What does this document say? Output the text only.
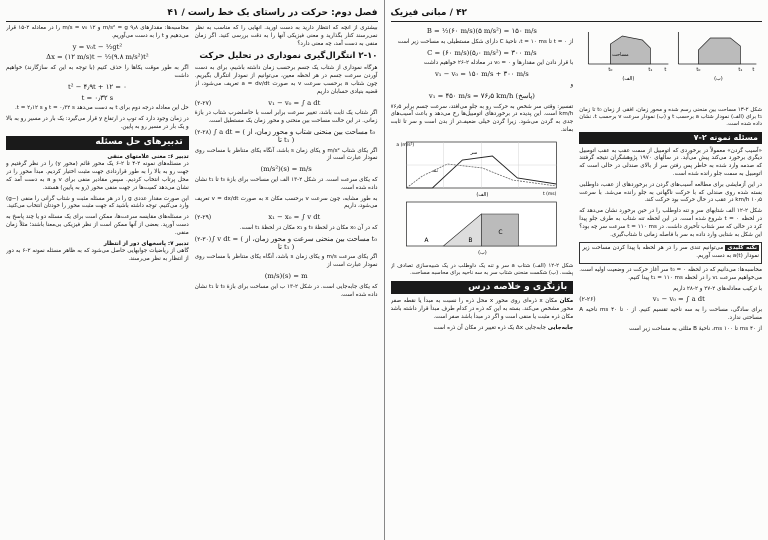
فصل دوم: حرکت در راستای یک خط راست / ۴۱

بیشتری از آنچه که انتظار دارید به دست آورید. آنهایی را که مناسب به نظر نمی‌رسند کنار بگذارید و معنی فیزیکی آنها را به دقت بررسی کنید. اگر زمان منفی به دست آمد، چه معنی دارد؟

۲-۱۰ انتگرال‌گیری نموداری در تحلیل حرکت

هرگاه نموداری از شتاب یک جسم برحسب زمان داشته باشیم، برای به دست آوردن سرعت جسم در هر لحظه معین، می‌توانیم از نمودار انتگرال بگیریم. چون شتاب a برحسب سرعت v به صورت a = dv/dt تعریف می‌شود، از قضیه بنیادی حسابان داریم

(۲-۲۷)	v₁ − v₀ = ∫ a dt

اگر شتاب یک ثابت باشد، تغییر سرعت برابر است با حاصلضرب شتاب در بازهٔ زمانی. در این حالت مساحت بین منحنی و محور زمان یک مستطیل است.

(۲-۲۸) ∫ a dt = ( مساحت بین منحنی شتاب و محور زمان، از t₀ تا t₁ )

اگر یکای شتاب m/s² و یکای زمان s باشد، آنگاه یکای متناظر با مساحت روی نمودار عبارت است از

(m/s²)(s) = m/s

که یکای سرعت است. در شکل ۲-۱۳ الف این مساحت برای بازهٔ t₀ تا t₁ نشان داده شده است.

به طور مشابه، چون سرعت v برحسب مکان x به صورت v = dx/dt تعریف می‌شود، داریم

(۲-۲۹)	x₁ − x₀ = ∫ v dt

که در آن x₀ مکان در لحظهٔ t₀ و x₁ مکان در لحظهٔ t₁ است.

(۲-۳۰) ∫ v dt = ( مساحت بین منحنی سرعت و محور زمان، از t₀ تا t₁ )

اگر یکای سرعت m/s و یکای زمان s باشد، آنگاه یکای متناظر با مساحت روی نمودار عبارت است از

(m/s)(s) = m

که یکای جابه‌جایی است. در شکل ۲-۱۳ ب این مساحت برای بازهٔ t₀ تا t₁ نشان داده شده است.

محاسبه‌ها: مقدارهای ۹٫۸ m/s² = g و ۱۲ m/s = v₀ را در معادله ۲-۱۵ قرار می‌دهیم و t را به دست می‌آوریم.

y = v₀t − ½gt²
Δx = (۱۲ m/s)t − ½(۹.۸ m/s²)t²

اگر به طور موقت یکاها را حذف کنیم (با توجه به این که سازگارند) خواهیم داشت

t² − ۴٫۹t + ۱۲ = ۰
t = ۰٫۳۲ s

حل این معادله درجه دوم برای t به دست می‌دهد t = ۰٫۳۲ s و t = ۲٫۱۲ s.

در زمان وجود دارد که توپ در ارتفاع y قرار می‌گیرد: یک بار در مسیر رو به بالا و یک بار در مسیر رو به پایین.

تدبیرهای حل مسئله
تدبیر ۶: معنی علامتهای منفی

در مسئله‌های نمونه ۲-۴ تا ۲-۶ یک محور قائم (محور y) را در نظر گرفتیم و جهت رو به بالا را به طور قراردادی جهت مثبت اختیار کردیم. مبدأ محور را در محل پرتاب انتخاب کردیم. سپس مقادیر منفی برای v و a به دست آمد که نشان می‌دهد کمیت‌ها در جهت منفی محور (رو به پایین) هستند.

این صورت مقدار عددی g را در هر مسئله مثبت و شتاب گرانی را منفی (−g) وارد می‌کنیم. توجه داشته باشید که جهت مثبت محور را خودتان انتخاب می‌کنید.

در مسئله‌های مقایسه سرعت‌ها، ممکن است برای یک مسئله دو یا چند پاسخ به دست آورید. بعضی از آنها ممکن است از نظر فیزیکی بی‌معنا باشند؛ مثلاً زمان منفی.

تدبیر ۷: پاسخهای دور از انتظار

گاهی از ریاضیات جوابهایی حاصل می‌شود که به ظاهر مسئله نمونه ۲-۶ به دور از انتظار به نظر می‌رسند.

۴۲ / مبانی فیزیک
مساحت
t₀	t₁ t
(الف)
t₀	t₁ t
(ب)

شکل ۲-۱۳ مساحت بین منحنی رسم شده و محور زمان، افقی از زمان t₀ تا زمان t₁ برای (الف) نمودار شتاب a برحسب t و (ب) نمودار سرعت v برحسب t، نشان داده شده است.

مسئله نمونه ۲-۷

«آسیب گردن» معمولاً در برخوردی که اتومبیل از سمت عقب به عقب اتومبیل دیگری برخورد می‌کند پیش می‌آید. در سالهای ۱۹۷۰ پژوهشگران نتیجه گرفتند که صدمه وارد شده به خاطر پس رفتن سر از بالای صندلی در حالی است که اتومبیل به سمت جلو رانده شده است.

در این آزمایشی برای مطالعه آسیب‌های گردن در برخوردهای از عقب، داوطلبی بسته شده روی صندلی که با حرکت ناگهانی به جلو رانده می‌شد. با سرعت ۱۰٫۵ km/h در عقب در حال حرکت بود حرکت کند.

شکل ۲-۱۲ الف شتابهای سر و تنه داوطلب را در حین برخورد نشان می‌دهد که در لحظه t = ۰ شروع شده است. در این لحظه تنه شتاب به طرف جلو پیدا کرد در حالی که سر شتاب تأخیری داشت. در t = ۱۱۰ ms سرعت سر چه بود؟ این شکل به شتابی وارد داده به سر با فاصله زمانی تا شتاب‌گیری.

نکته کلیدی می‌توانیم تندی سر را در هر لحظه با پیدا کردن مساحت زیر نمودار a(t) به دست آوریم.

محاسبه‌ها: می‌دانیم که در لحظه t₀ = ۰ سر آغاز حرکت در وضعیت اولیه است. می‌خواهیم سرعت v₁ را در لحظه t₁ = ۱۱۰ ms پیدا کنیم.

با ترکیب معادله‌های ۲-۲۷ و ۲-۲۸ داریم

(۲-۲۶)	v₁ − v₀ = ∫ a dt

برای سادگی، مساحت را به سه ناحیه تقسیم کنیم. از ۰ تا ۴۰ ms ناحیه A مساحتی ندارد.

از ۴۰ ms تا ۱۰۰ ms، ناحیهٔ B مثلثی به مساحت زیر است

B = ½(۶۰ m/s)(۵ m/s²) = ۱۵۰ m/s

از t = ۰ تا t = ۱۰ ms، ناحیهٔ C دارای شکل مستطیلی به مساحت زیر است

C = (۶۰ m/s)(۵٫۰ m/s²) = ۳۰۰ m/s

با قرار دادن این مقدارها و v₀ = ۰ در معادله ۲-۲۶ خواهیم داشت

v₁ − v₀ = ۱۵۰ m/s + ۳۰۰ m/s

و

v₁ = ۴۵۰ m/s = ۷۶٫۵ km/h (پاسخ)

تفسیر: وقتی سر شخص به حرکت رو به جلو می‌افتد، سرعت جسم برابر ۷۶٫۵ km/h است. این پدیده در برخوردهای اتومبیل‌ها رخ می‌دهد و باعث آسیب‌های جدی به گردن می‌شود. زیرا گردن خیلی ضعیف‌تر از بدن است و سر تا ثابت بماند.

سر
تنه
a (m/s²)
t (ms)
(الف)
A	B
C
(ب)

شکل ۲-۱۲ (الف) شتاب a سر و تنه یک داوطلب در یک شبیه‌سازی تصادف از پشت. (ب) شکست منحنی شتاب سر به سه ناحیه برای محاسبه مساحت.

بازنگری و خلاصه درس

مکان مکان x ذره‌ای روی محور x محل ذره را نسبت به مبدأ یا نقطه صفر محور مشخص می‌کند. بسته به این که ذره در کدام طرف مبدأ قرار داشته باشد مکان ذره مثبت یا منفی است و اگر در مبدأ باشد صفر است.

جابه‌جایی جابه‌جایی Δx یک ذره تغییر در مکان آن ذره است
